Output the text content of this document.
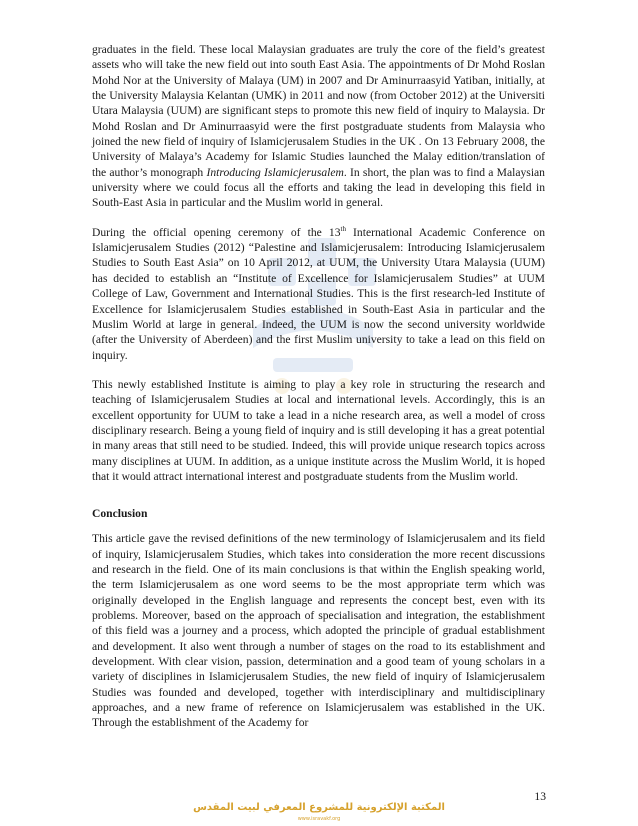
graduates in the field. These local Malaysian graduates are truly the core of the field’s greatest assets who will take the new field out into south East Asia. The appointments of Dr Mohd Roslan Mohd Nor at the University of Malaya (UM) in 2007 and Dr Aminurraasyid Yatiban, initially, at the University Malaysia Kelantan (UMK) in 2011 and now (from October 2012) at the Universiti Utara Malaysia (UUM) are significant steps to promote this new field of inquiry to Malaysia. Dr Mohd Roslan and Dr Aminurraasyid were the first postgraduate students from Malaysia who joined the new field of inquiry of Islamicjerusalem Studies in the UK . On 13 February 2008, the University of Malaya’s Academy for Islamic Studies launched the Malay edition/translation of the author’s monograph Introducing Islamicjerusalem. In short, the plan was to find a Malaysian university where we could focus all the efforts and taking the lead in developing this field in South-East Asia in particular and the Muslim world in general.

During the official opening ceremony of the 13th International Academic Conference on Islamicjerusalem Studies (2012) “Palestine and Islamicjerusalem: Introducing Islamicjerusalem Studies to South East Asia” on 10 April 2012, at UUM, the University Utara Malaysia (UUM) has decided to establish an “Institute of Excellence for Islamicjerusalem Studies” at UUM College of Law, Government and International Studies. This is the first research-led Institute of Excellence for Islamicjerusalem Studies established in South-East Asia in particular and the Muslim World at large in general. Indeed, the UUM is now the second university worldwide (after the University of Aberdeen) and the first Muslim university to take a lead on this field on inquiry.

This newly established Institute is aiming to play a key role in structuring the research and teaching of Islamicjerusalem Studies at local and international levels. Accordingly, this is an excellent opportunity for UUM to take a lead in a niche research area, as well a model of cross disciplinary research. Being a young field of inquiry and is still developing it has a great potential in many areas that still need to be studied. Indeed, this will provide unique research topics across many disciplines at UUM. In addition, as a unique institute across the Muslim World, it is hoped that it would attract international interest and postgraduate students from the Muslim world.

Conclusion

This article gave the revised definitions of the new terminology of Islamicjerusalem and its field of inquiry, Islamicjerusalem Studies, which takes into consideration the more recent discussions and research in the field. One of its main conclusions is that within the English speaking world, the term Islamicjerusalem as one word seems to be the most appropriate term which was originally developed in the English language and represents the concept best, even with its problems. Moreover, based on the approach of specialisation and integration, the establishment of this field was a journey and a process, which adopted the principle of gradual establishment and development. It also went through a number of stages on the road to its establishment and development. With clear vision, passion, determination and a good team of young scholars in a variety of disciplines in Islamicjerusalem Studies, the new field of inquiry of Islamicjerusalem Studies was founded and developed, together with interdisciplinary and multidisciplinary approaches, and a new frame of reference on Islamicjerusalem was established in the UK. Through the establishment of the Academy for

13
المكتبة الإلكترونية للمشروع المعرفي لبيت المقدس
www.isravakf.org
